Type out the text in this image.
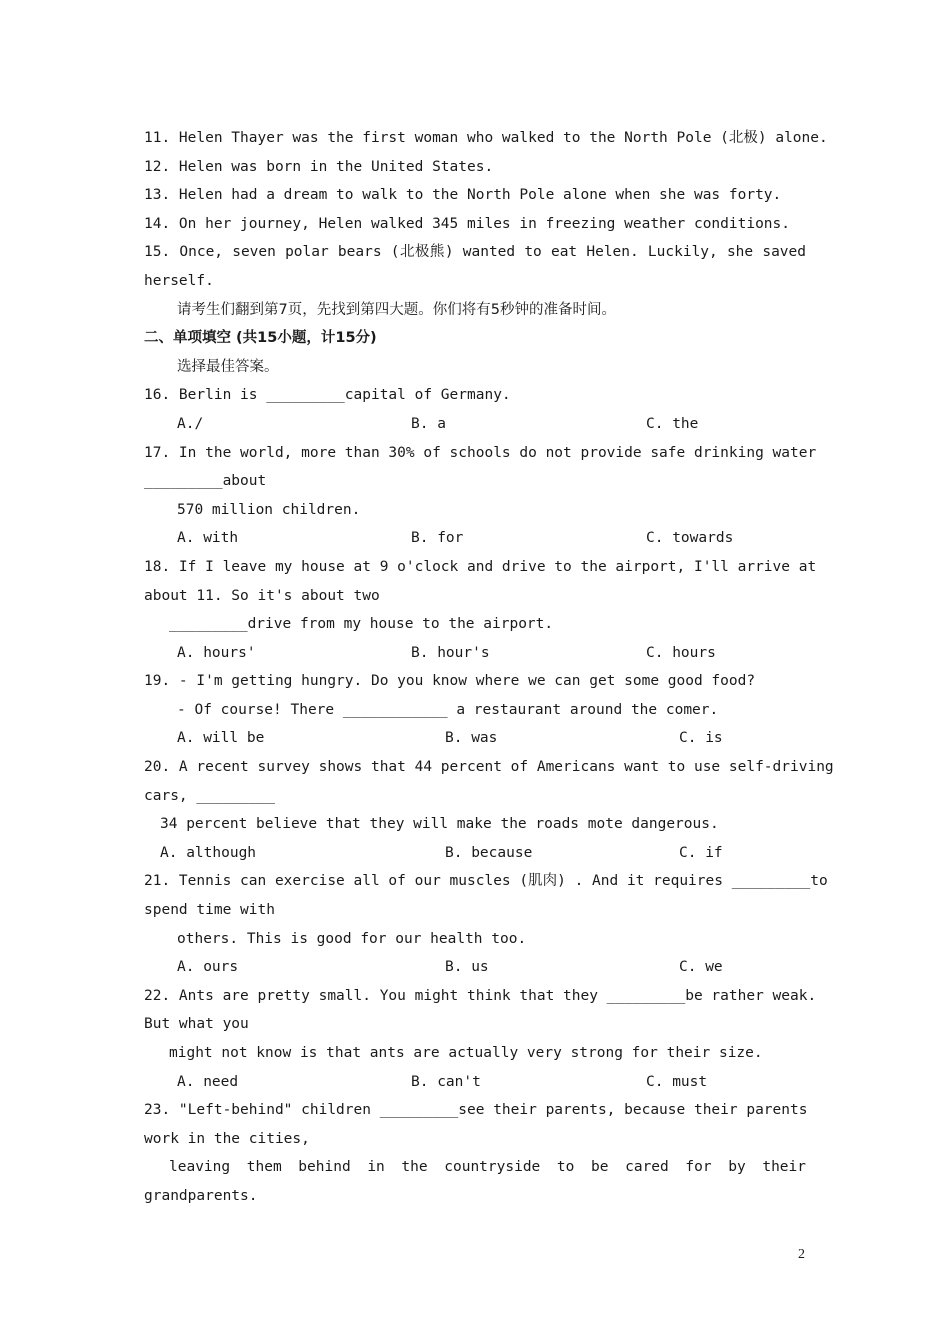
11. Helen Thayer was the first woman who walked to the North Pole (北极) alone.
12. Helen was born in the United States.
13. Helen had a dream to walk to the North Pole alone when she was forty.
14. On her journey, Helen walked 345 miles in freezing weather conditions.
15. Once, seven polar bears (北极熊) wanted to eat Helen. Luckily, she saved
herself.
请考生们翻到第7页，先找到第四大题。你们将有5秒钟的准备时间。
二、单项填空 (共15小题，计15分)
选择最佳答案。
16. Berlin is _________capital of Germany.
A./	B. a	C. the
17. In the world, more than 30% of schools do not provide safe drinking water
_________about
570 million children.
A. with	B. for	C. towards
18. If I leave my house at 9 o'clock and drive to the airport, I'll arrive at
about 11. So it's about two
_________drive from my house to the airport.
A. hours'	B. hour's	C. hours
19. - I'm getting hungry. Do you know where we can get some good food?
- Of course! There ____________ a restaurant around the comer.
A. will be	B. was	C. is
20. A recent survey shows that 44 percent of Americans want to use self-driving
cars, _________
34 percent believe that they will make the roads mote dangerous.
A. although	B. because	C. if
21. Tennis can exercise all of our muscles (肌肉) . And it requires _________to
spend time with
others. This is good for our health too.
A. ours	B. us	C. we
22. Ants are pretty small. You might think that they _________be rather weak.
But what you
might not know is that ants are actually very strong for their size.
A. need	B. can't	C. must
23. "Left-behind" children _________see their parents, because their parents
work in the cities,
leaving them behind in the countryside to be cared for by their
grandparents.
2
